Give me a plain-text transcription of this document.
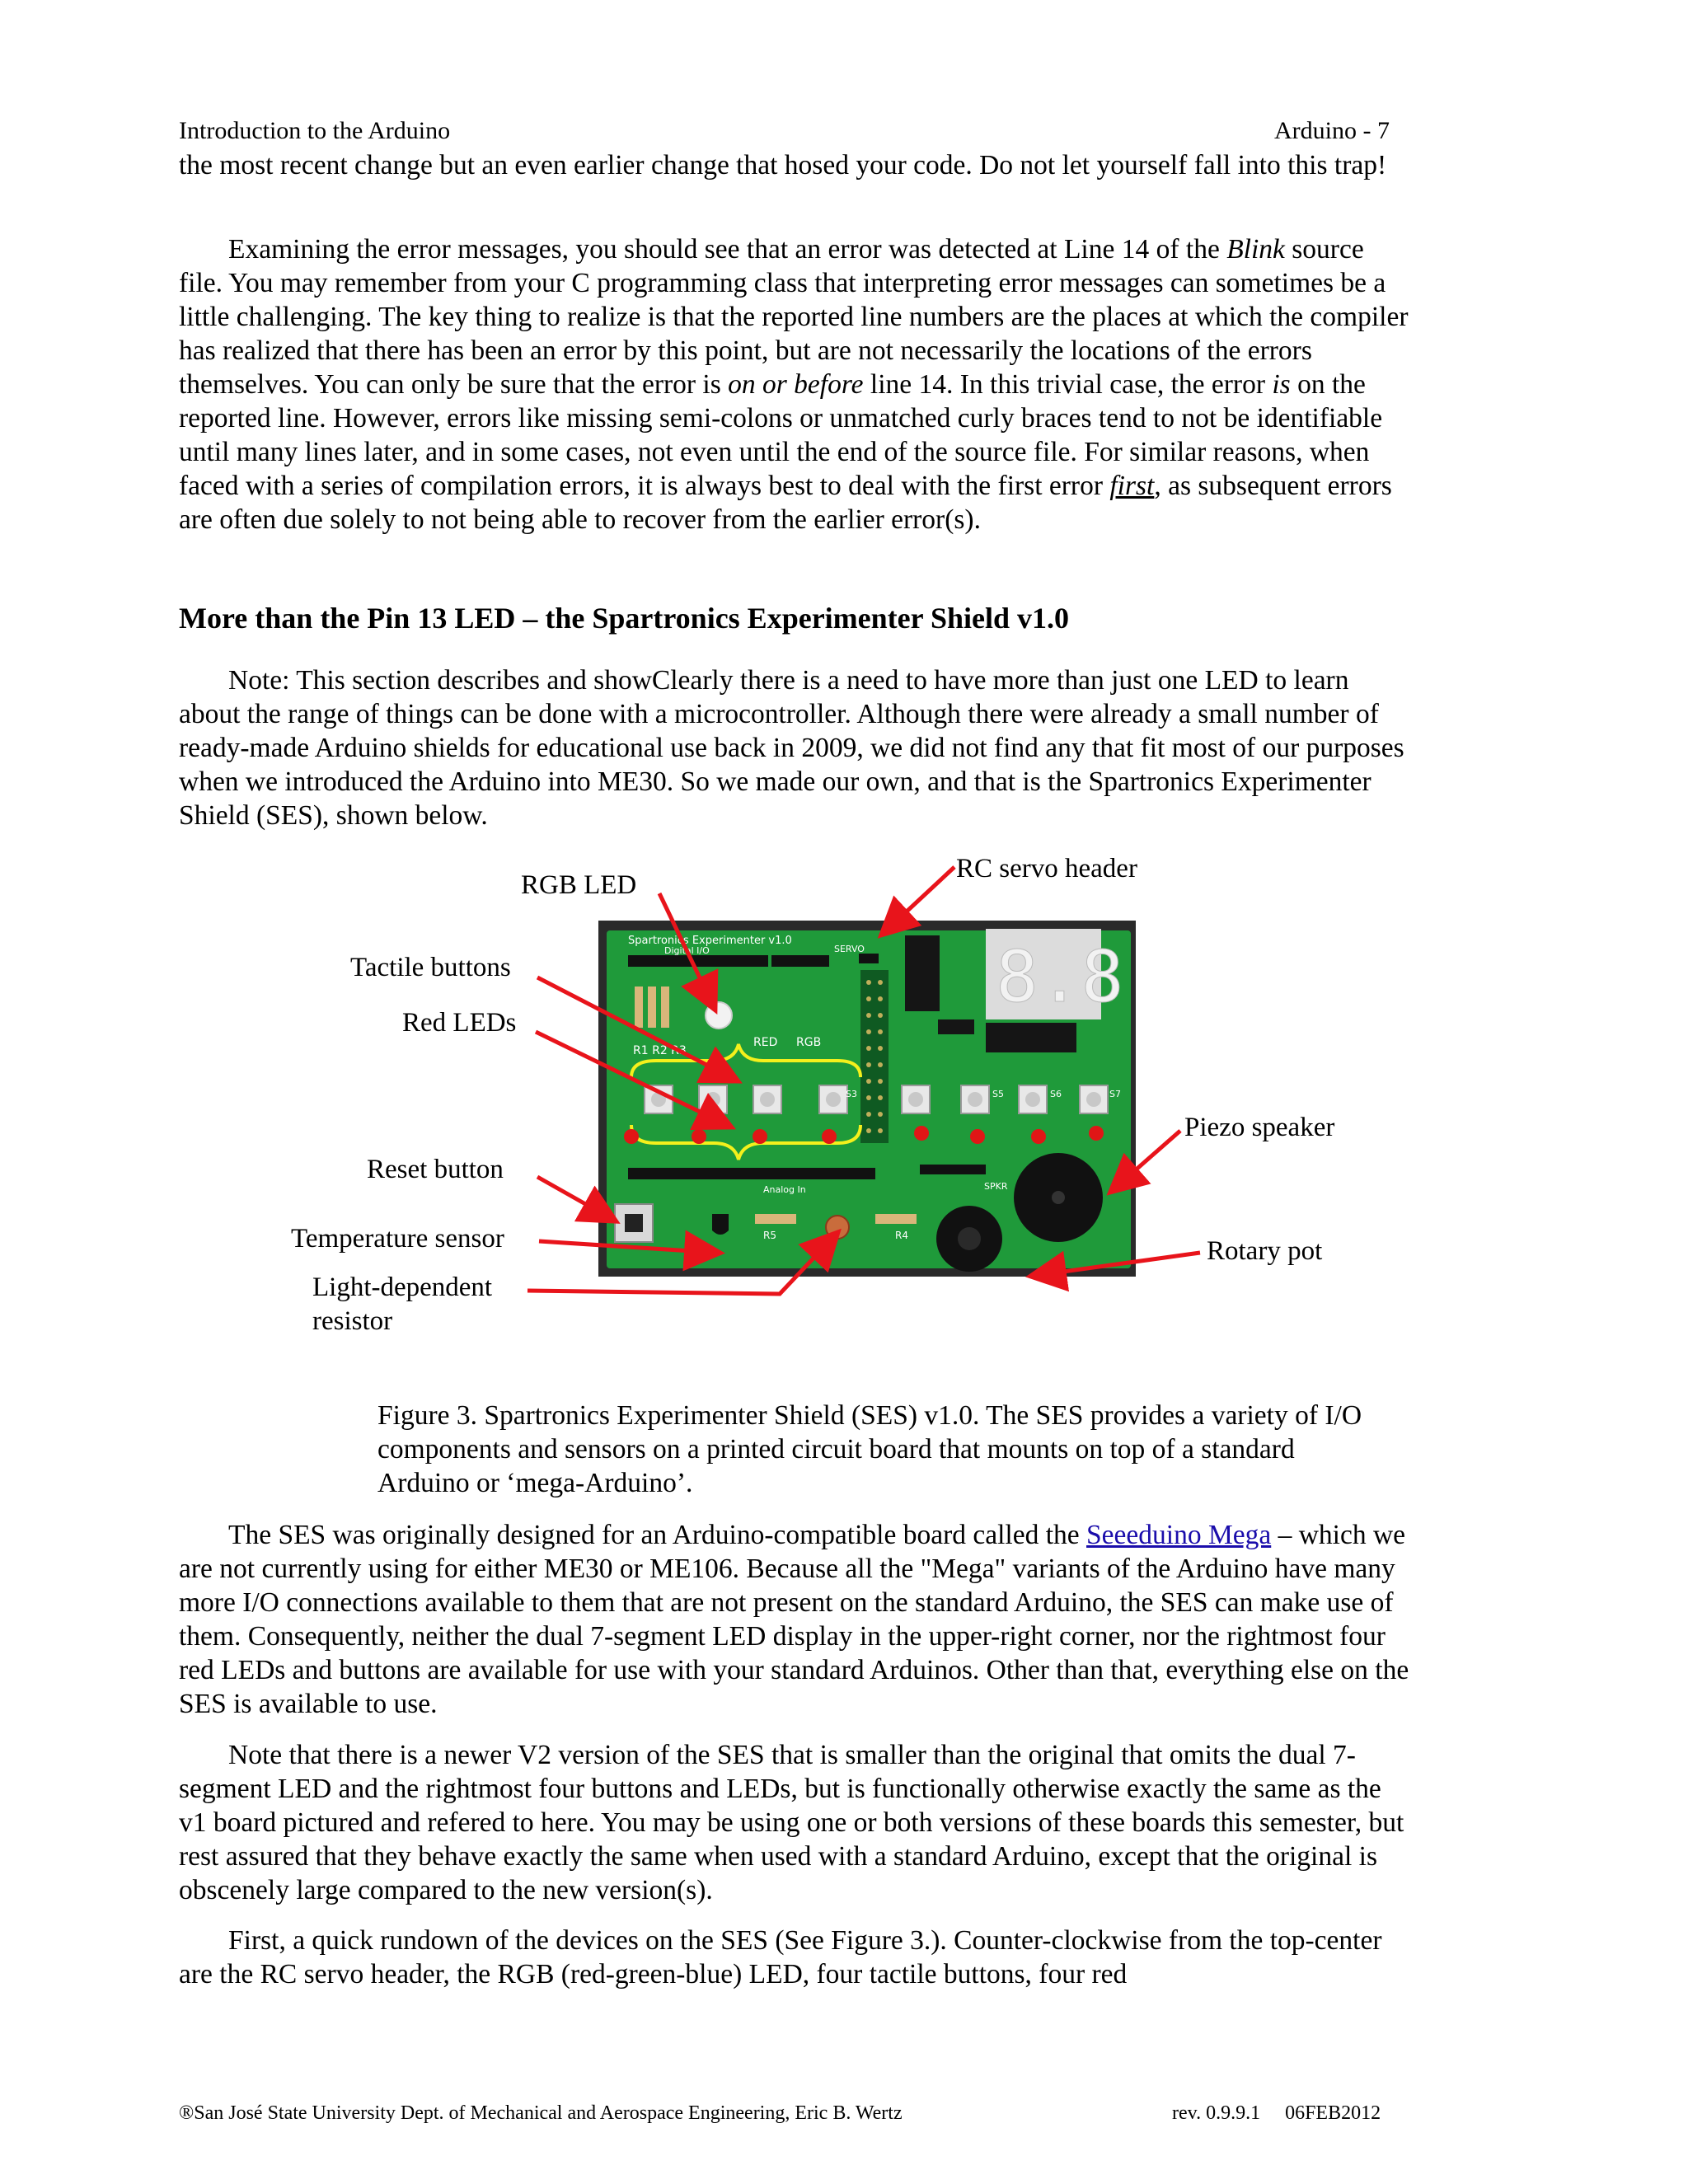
Introduction to the Arduino	Arduino - 7
the most recent change but an even earlier change that hosed your code. Do not let yourself fall into this trap!
Examining the error messages, you should see that an error was detected at Line 14 of the Blink source file. You may remember from your C programming class that interpreting error messages can sometimes be a little challenging. The key thing to realize is that the reported line numbers are the places at which the compiler has realized that there has been an error by this point, but are not necessarily the locations of the errors themselves. You can only be sure that the error is on or before line 14. In this trivial case, the error is on the reported line. However, errors like missing semi-colons or unmatched curly braces tend to not be identifiable until many lines later, and in some cases, not even until the end of the source file. For similar reasons, when faced with a series of compilation errors, it is always best to deal with the first error first, as subsequent errors are often due solely to not being able to recover from the earlier error(s).
More than the Pin 13 LED – the Spartronics Experimenter Shield v1.0
Note: This section describes and showClearly there is a need to have more than just one LED to learn about the range of things can be done with a microcontroller. Although there were already a small number of ready-made Arduino shields for educational use back in 2009, we did not find any that fit most of our purposes when we introduced the Arduino into ME30. So we made our own, and that is the Spartronics Experimenter Shield (SES), shown below.
8.8
Spartronics Experimenter v1.0
Digital I/O	SERVO
RED RGB
R1 R2 R3
Analog In	SPKR
R5	R4
S3	S5	S6	S7
RGB LED
RC servo header
Tactile buttons
Red LEDs
Piezo speaker
Reset button
Temperature sensor	Rotary pot
Light-dependent
resistor
Figure 3. Spartronics Experimenter Shield (SES) v1.0. The SES provides a variety of I/O components and sensors on a printed circuit board that mounts on top of a standard Arduino or ‘mega-Arduino’.
The SES was originally designed for an Arduino-compatible board called the Seeeduino Mega – which we are not currently using for either ME30 or ME106. Because all the "Mega" variants of the Arduino have many more I/O connections available to them that are not present on the standard Arduino, the SES can make use of them. Consequently, neither the dual 7-segment LED display in the upper-right corner, nor the rightmost four red LEDs and buttons are available for use with your standard Arduinos. Other than that, everything else on the SES is available to use.
Note that there is a newer V2 version of the SES that is smaller than the original that omits the dual 7-segment LED and the rightmost four buttons and LEDs, but is functionally otherwise exactly the same as the v1 board pictured and refered to here. You may be using one or both versions of these boards this semester, but rest assured that they behave exactly the same when used with a standard Arduino, except that the original is obscenely large compared to the new version(s).
First, a quick rundown of the devices on the SES (See Figure 3.). Counter-clockwise from the top-center are the RC servo header, the RGB (red-green-blue) LED, four tactile buttons, four red
®San José State University Dept. of Mechanical and Aerospace Engineering, Eric B. Wertz	rev. 0.9.9.1     06FEB2012
